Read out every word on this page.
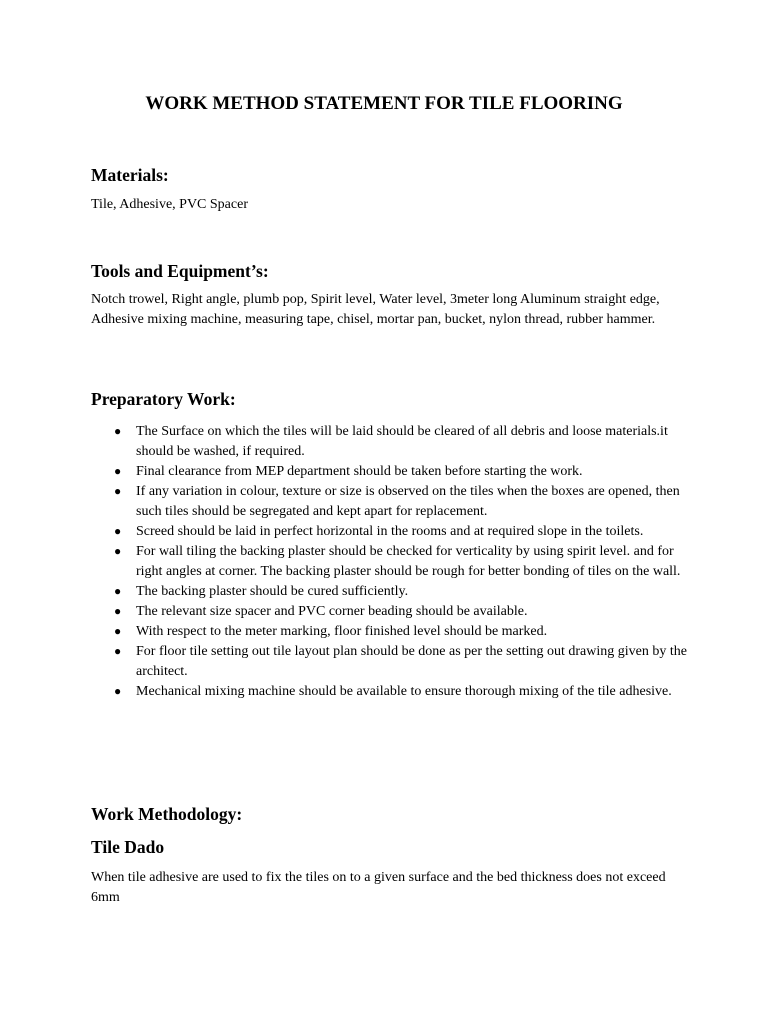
WORK METHOD STATEMENT FOR TILE FLOORING
Materials:
Tile, Adhesive, PVC Spacer
Tools and Equipment’s:
Notch trowel, Right angle, plumb pop, Spirit level, Water level, 3meter long Aluminum straight edge, Adhesive mixing machine, measuring tape, chisel, mortar pan, bucket, nylon thread, rubber hammer.
Preparatory Work:
● The Surface on which the tiles will be laid should be cleared of all debris and loose materials.it should be washed, if required.
● Final clearance from MEP department should be taken before starting the work.
● If any variation in colour, texture or size is observed on the tiles when the boxes are opened, then such tiles should be segregated and kept apart for replacement.
● Screed should be laid in perfect horizontal in the rooms and at required slope in the toilets.
● For wall tiling the backing plaster should be checked for verticality by using spirit level. and for right angles at corner. The backing plaster should be rough for better bonding of tiles on the wall.
● The backing plaster should be cured sufficiently.
● The relevant size spacer and PVC corner beading should be available.
● With respect to the meter marking, floor finished level should be marked.
● For floor tile setting out tile layout plan should be done as per the setting out drawing given by the architect.
● Mechanical mixing machine should be available to ensure thorough mixing of the tile adhesive.
Work Methodology:
Tile Dado
When tile adhesive are used to fix the tiles on to a given surface and the bed thickness does not exceed 6mm
